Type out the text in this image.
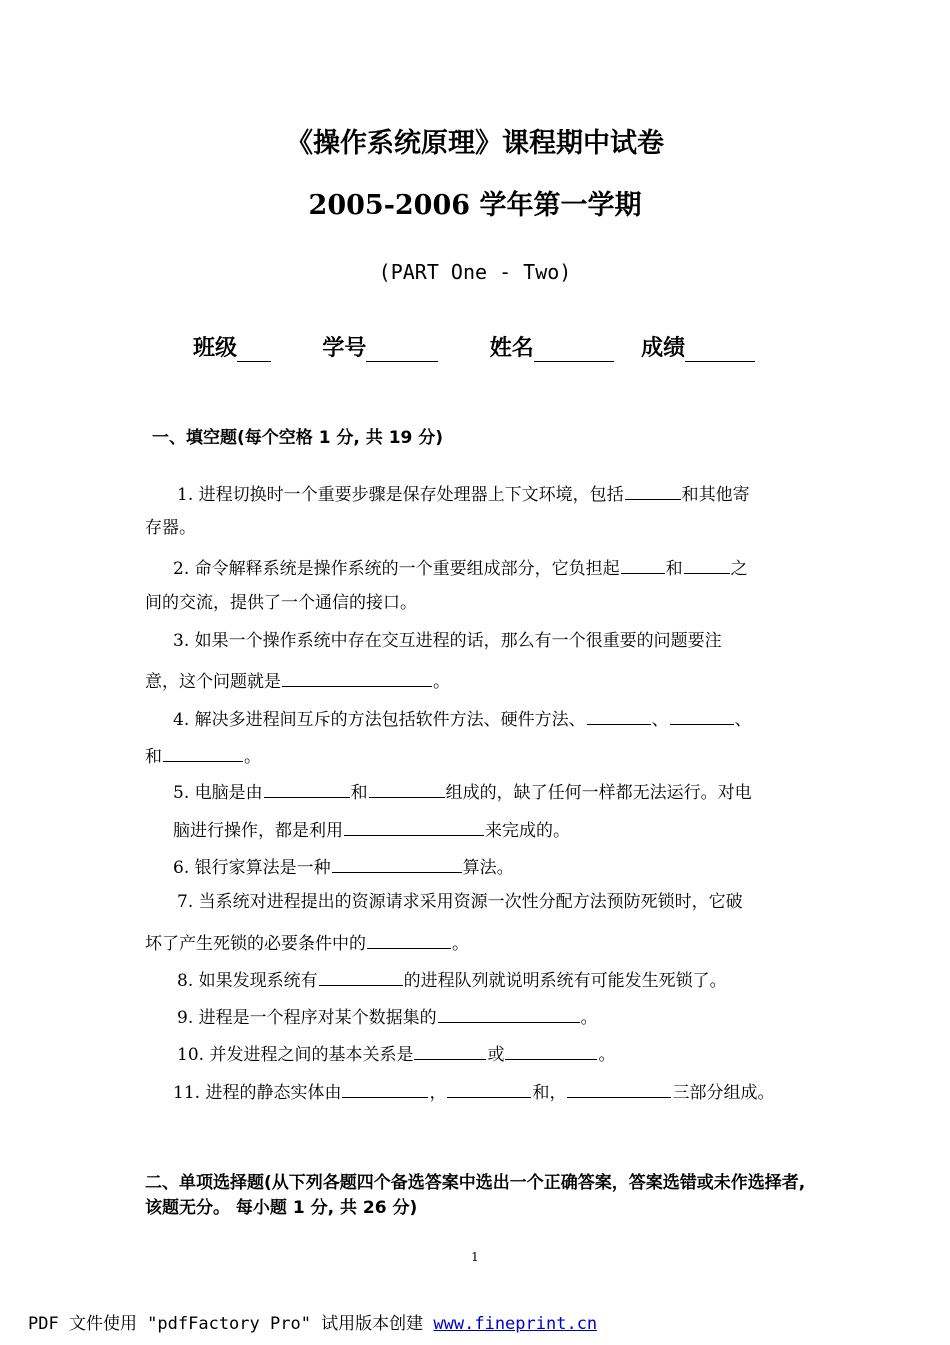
《操作系统原理》课程期中试卷
2005-2006 学年第一学期
(PART One - Two)
班级	学号	姓名	成绩
一、填空题(每个空格 1 分, 共 19 分)
1. 进程切换时一个重要步骤是保存处理器上下文环境，包括	和其他寄
存器。
2. 命令解释系统是操作系统的一个重要组成部分，它负担起	和	之
间的交流，提供了一个通信的接口。
3. 如果一个操作系统中存在交互进程的话，那么有一个很重要的问题要注
意，这个问题就是	。
4. 解决多进程间互斥的方法包括软件方法、硬件方法、	、	、
和	。
5. 电脑是由	和	组成的，缺了任何一样都无法运行。对电
脑进行操作，都是利用	来完成的。
6. 银行家算法是一种	算法。
7. 当系统对进程提出的资源请求采用资源一次性分配方法预防死锁时，它破
坏了产生死锁的必要条件中的	。
8. 如果发现系统有	的进程队列就说明系统有可能发生死锁了。
9. 进程是一个程序对某个数据集的	。
10. 并发进程之间的基本关系是	或	。
11. 进程的静态实体由	，	和，	三部分组成。
二、单项选择题(从下列各题四个备选答案中选出一个正确答案，答案选错或未作选择者, 该题无分。 每小题 1 分, 共 26 分)
1
PDF 文件使用 "pdfFactory Pro" 试用版本创建 www.fineprint.cn
